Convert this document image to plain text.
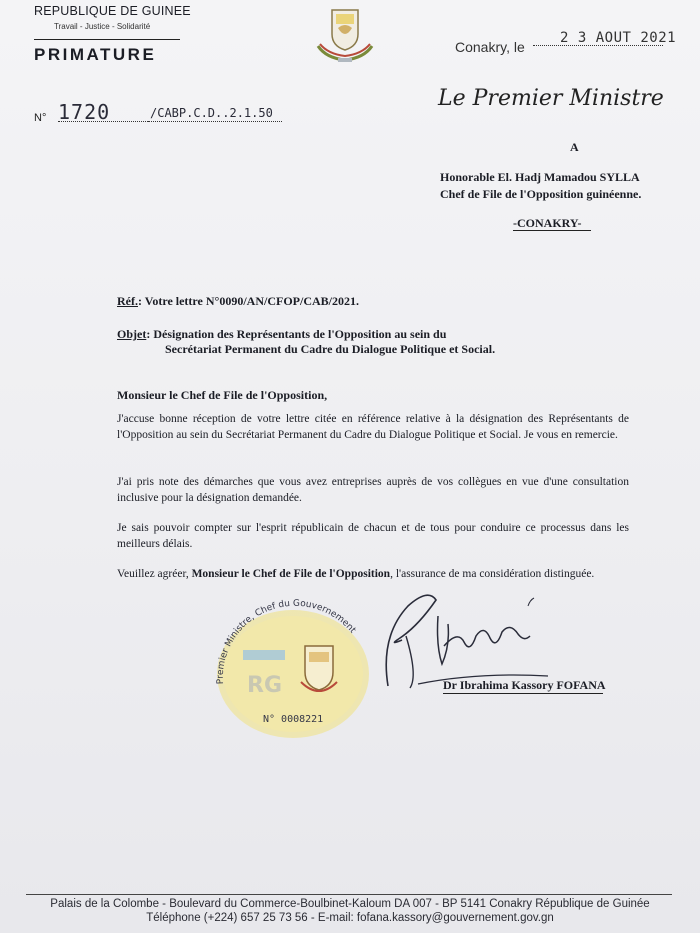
REPUBLIQUE DE GUINEE
Travail - Justice - Solidarité
PRIMATURE	Conakry, le
2 3 AOUT 2021
N° 1720	/CABP.C.D..2.1.50
Le Premier Ministre
A
Honorable El. Hadj Mamadou SYLLA
Chef de File de l'Opposition guinéenne.
-CONAKRY-
Réf.: Votre lettre N°0090/AN/CFOP/CAB/2021.
Objet: Désignation des Représentants de l'Opposition au sein du
Secrétariat Permanent du Cadre du Dialogue Politique et Social.
Monsieur le Chef de File de l'Opposition,
J'accuse bonne réception de votre lettre citée en référence relative à la désignation des Représentants de l'Opposition au sein du Secrétariat Permanent du Cadre du Dialogue Politique et Social. Je vous en remercie.
J'ai pris note des démarches que vous avez entreprises auprès de vos collègues en vue d'une consultation inclusive pour la désignation demandée.
Je sais pouvoir compter sur l'esprit républicain de chacun et de tous pour conduire ce processus dans les meilleurs délais.
Veuillez agréer, Monsieur le Chef de File de l'Opposition, l'assurance de ma considération distinguée.
Premier Ministre, Chef du Gouvernement
RG
N° 0008221
Dr Ibrahima Kassory FOFANA
Palais de la Colombe - Boulevard du Commerce-Boulbinet-Kaloum DA 007 - BP 5141 Conakry République de Guinée
Téléphone (+224) 657 25 73 56 - E-mail: fofana.kassory@gouvernement.gov.gn
